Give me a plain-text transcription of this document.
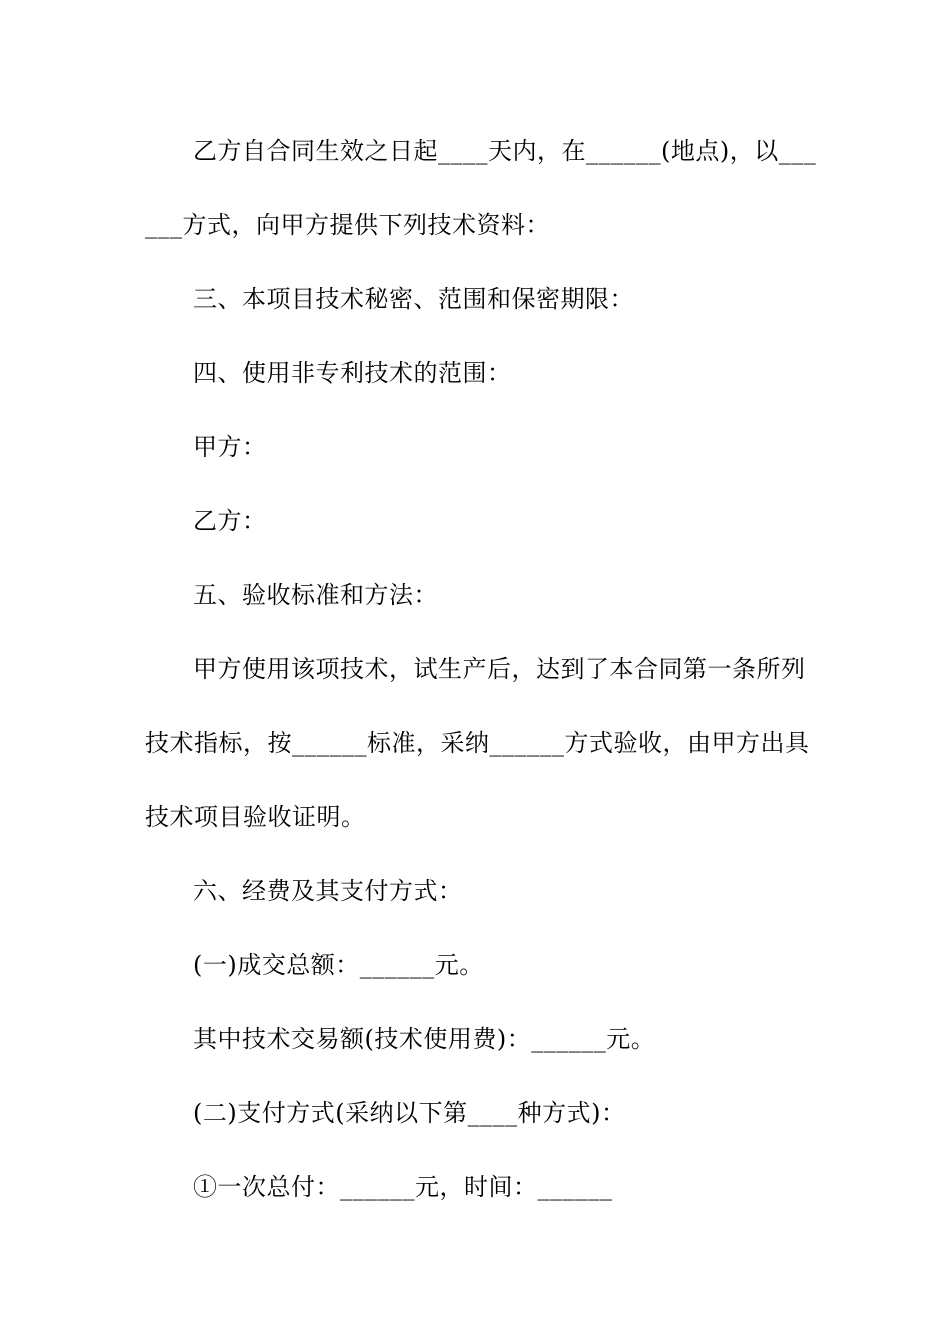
乙方自合同生效之日起____天内，在______(地点)，以___
___方式，向甲方提供下列技术资料：
三、本项目技术秘密、范围和保密期限：
四、使用非专利技术的范围：
甲方：
乙方：
五、验收标准和方法：
甲方使用该项技术，试生产后，达到了本合同第一条所列
技术指标，按______标准，采纳______方式验收，由甲方出具
技术项目验收证明。
六、经费及其支付方式：
(一)成交总额：______元。
其中技术交易额(技术使用费)：______元。
(二)支付方式(采纳以下第____种方式)：
①一次总付：______元，时间：______
